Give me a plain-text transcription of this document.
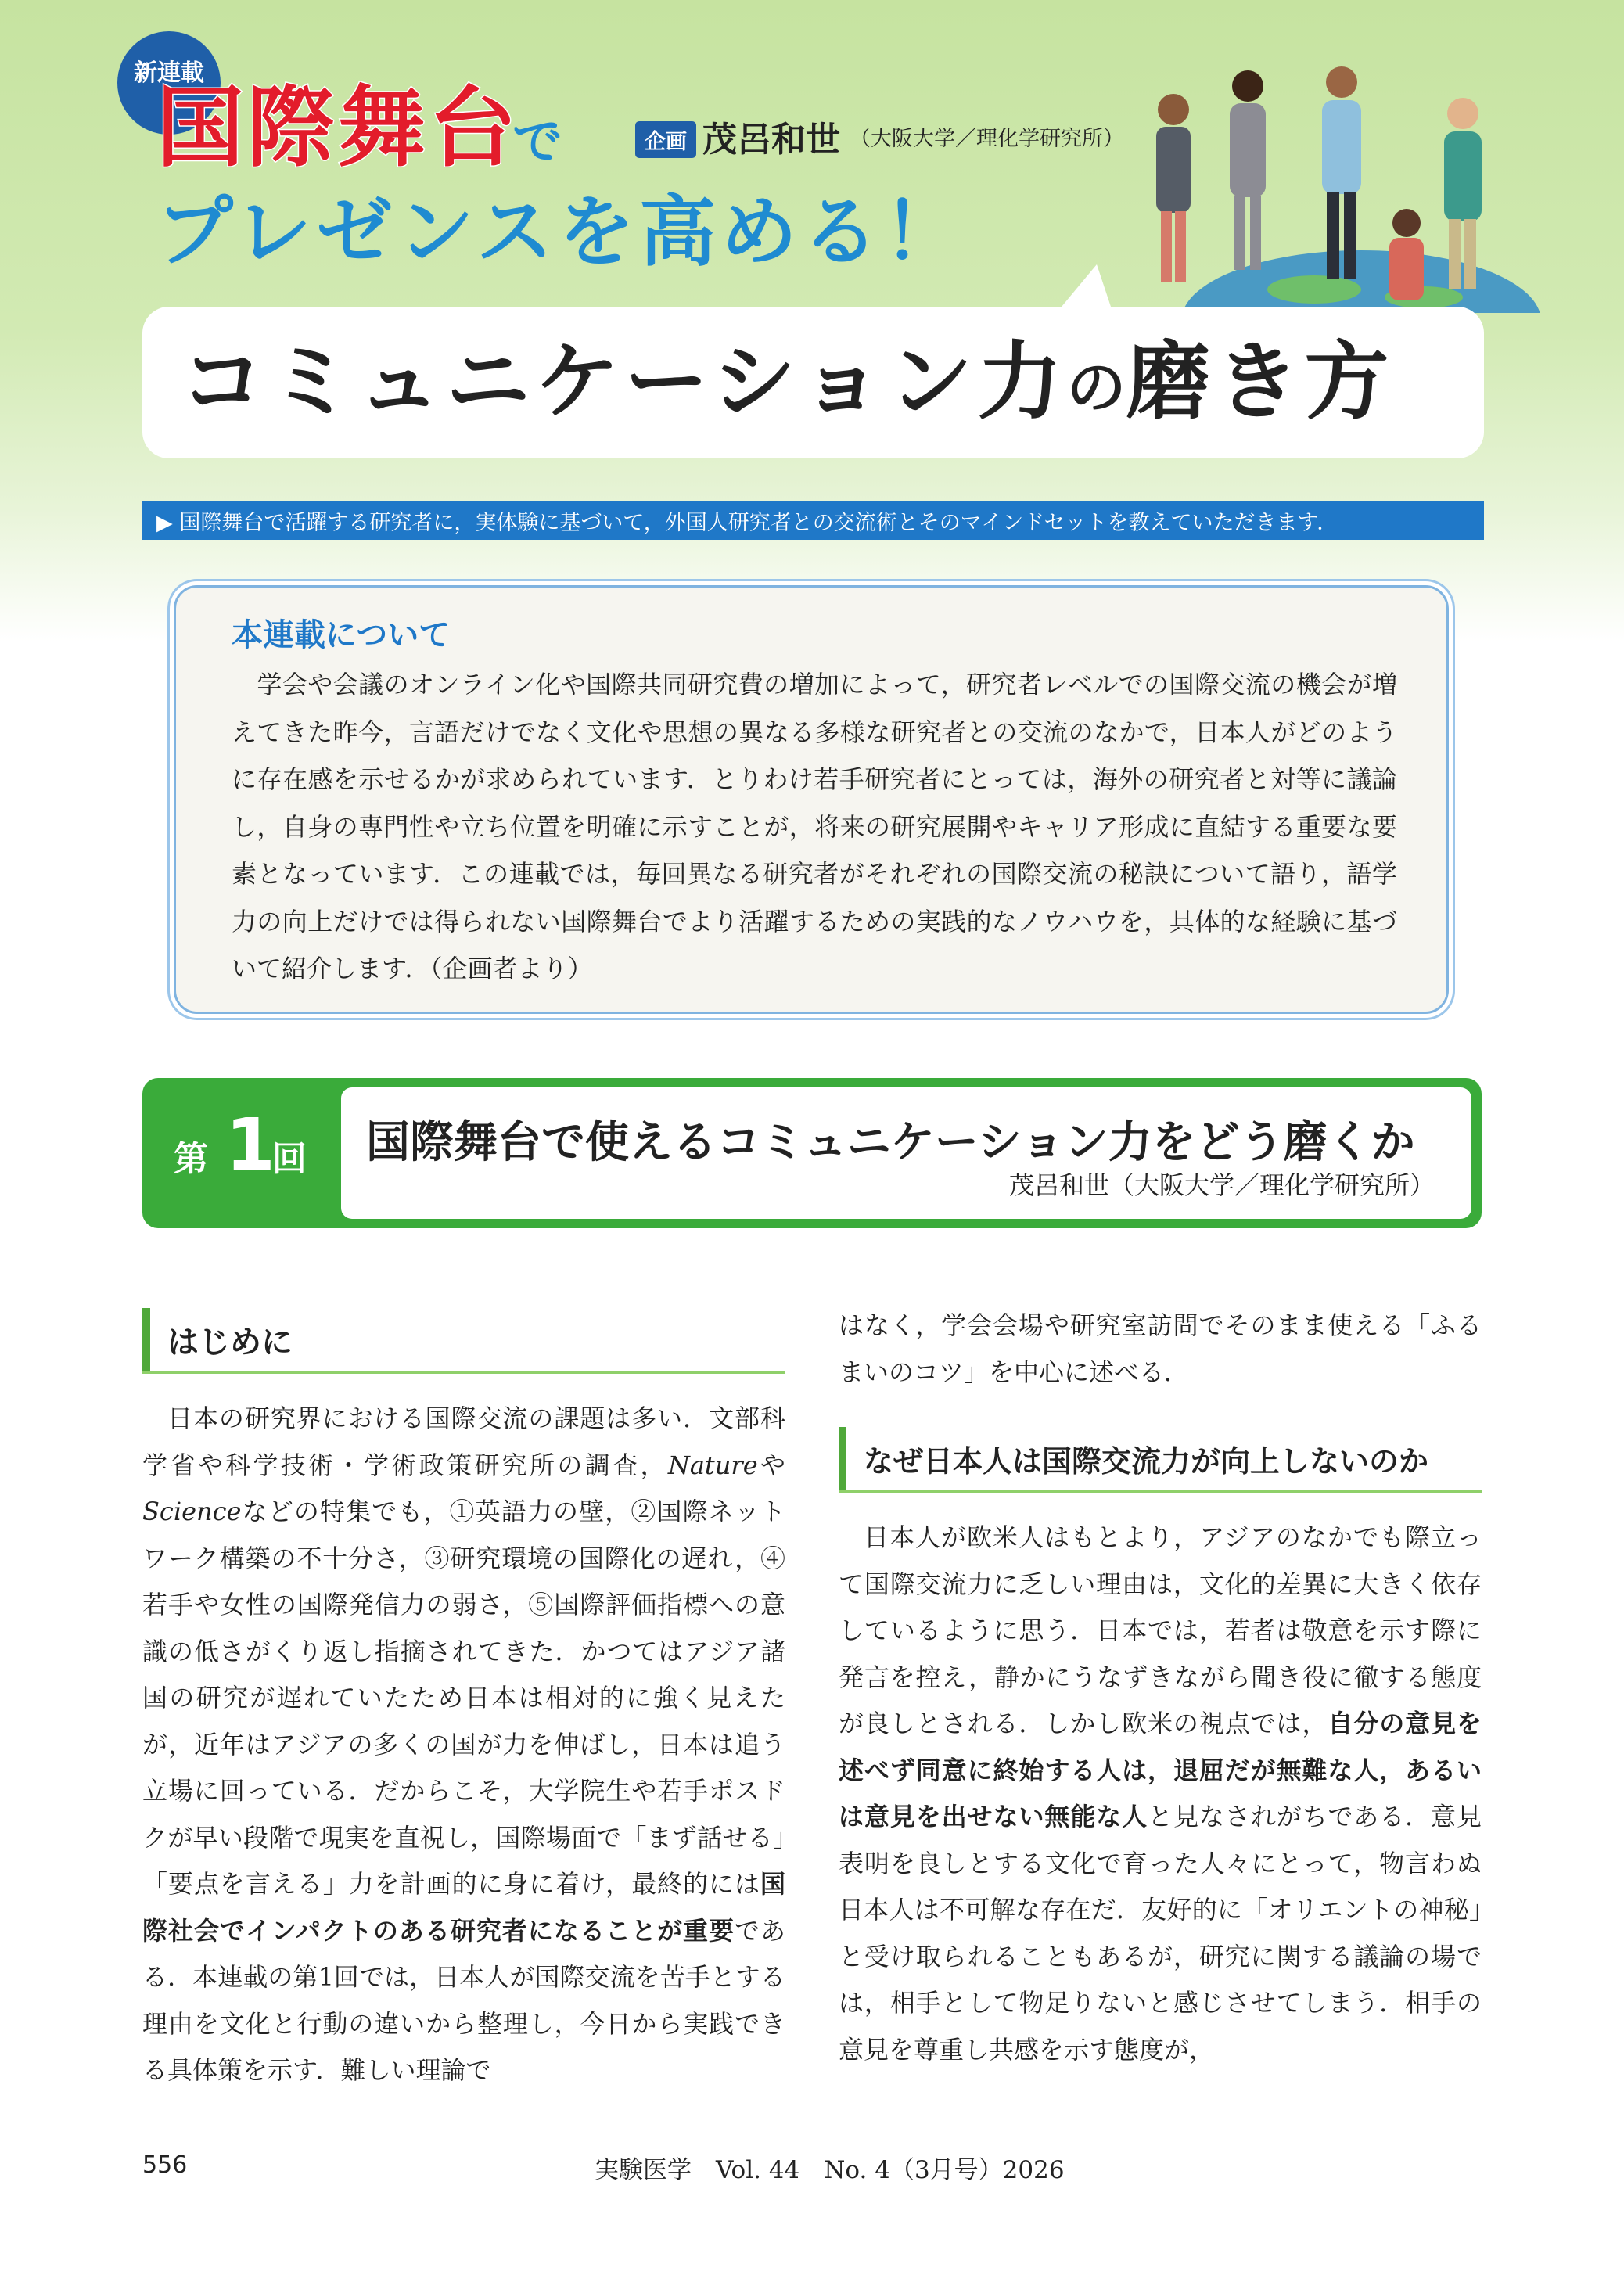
新連載
国際舞台
で	企画 茂呂和世 （大阪大学／理化学研究所）
プレゼンスを高める！
コミュニケーション力 の 磨き方
▶ 国際舞台で活躍する研究者に，実体験に基づいて，外国人研究者との交流術とそのマインドセットを教えていただきます．
本連載について
学会や会議のオンライン化や国際共同研究費の増加によって，研究者レベルでの国際交流の機会が増えてきた昨今，言語だけでなく文化や思想の異なる多様な研究者との交流のなかで，日本人がどのように存在感を示せるかが求められています．とりわけ若手研究者にとっては，海外の研究者と対等に議論し，自身の専門性や立ち位置を明確に示すことが，将来の研究展開やキャリア形成に直結する重要な要素となっています．この連載では，毎回異なる研究者がそれぞれの国際交流の秘訣について語り，語学力の向上だけでは得られない国際舞台でより活躍するための実践的なノウハウを，具体的な経験に基づいて紹介します．（企画者より）
第 1
回 国際舞台で使えるコミュニケーション力をどう磨くか
茂呂和世（大阪大学／理化学研究所）
はじめに

日本の研究界における国際交流の課題は多い．文部科学省や科学技術・学術政策研究所の調査，NatureやScienceなどの特集でも，①英語力の壁，②国際ネットワーク構築の不十分さ，③研究環境の国際化の遅れ，④若手や女性の国際発信力の弱さ，⑤国際評価指標への意識の低さがくり返し指摘されてきた．かつてはアジア諸国の研究が遅れていたため日本は相対的に強く見えたが，近年はアジアの多くの国が力を伸ばし，日本は追う立場に回っている．だからこそ，大学院生や若手ポスドクが早い段階で現実を直視し，国際場面で「まず話せる」「要点を言える」力を計画的に身に着け，最終的には国際社会でインパクトのある研究者になることが重要である．本連載の第1回では，日本人が国際交流を苦手とする理由を文化と行動の違いから整理し，今日から実践できる具体策を示す．難しい理論で

はなく，学会会場や研究室訪問でそのまま使える「ふるまいのコツ」を中心に述べる．

なぜ日本人は国際交流力が向上しないのか

日本人が欧米人はもとより，アジアのなかでも際立って国際交流力に乏しい理由は，文化的差異に大きく依存しているように思う．日本では，若者は敬意を示す際に発言を控え，静かにうなずきながら聞き役に徹する態度が良しとされる．しかし欧米の視点では，自分の意見を述べず同意に終始する人は，退屈だが無難な人，あるいは意見を出せない無能な人と見なされがちである．意見表明を良しとする文化で育った人々にとって，物言わぬ日本人は不可解な存在だ．友好的に「オリエントの神秘」と受け取られることもあるが，研究に関する議論の場では，相手として物足りないと感じさせてしまう．相手の意見を尊重し共感を示す態度が，

556	実験医学　Vol. 44　No. 4（3月号）2026
